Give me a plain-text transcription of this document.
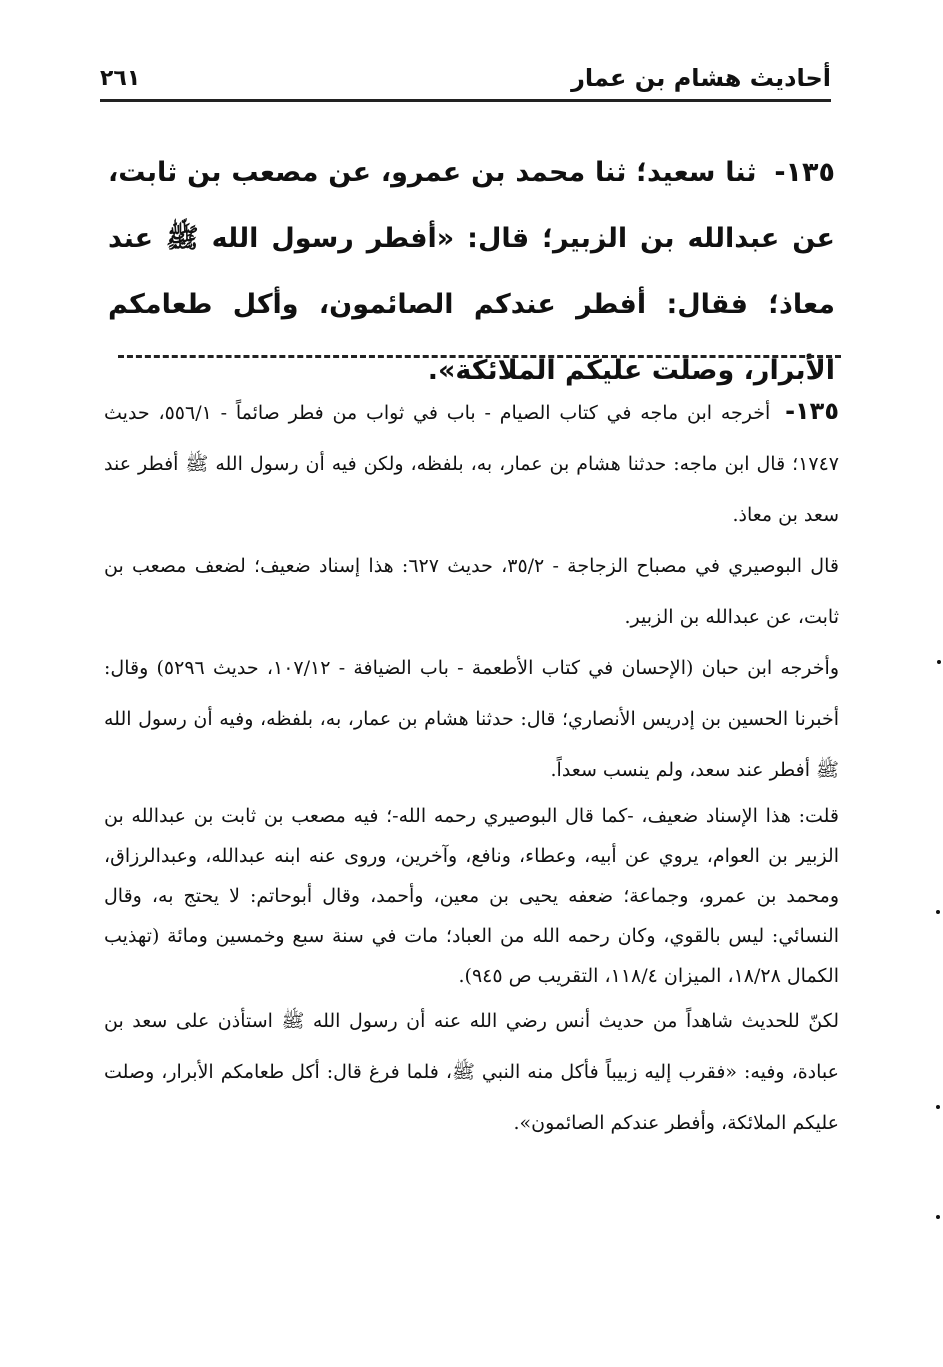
أحاديث هشام بن عمار
٢٦١
١٣٥- ثنا سعيد؛ ثنا محمد بن عمرو، عن مصعب بن ثابت، عن عبدالله بن الزبير؛ قال: «أفطر رسول الله ﷺ عند معاذ؛ فقال: أفطر عندكم الصائمون، وأكل طعامكم الأبرار، وصلت عليكم الملائكة».

١٣٥- أخرجه ابن ماجه في كتاب الصيام - باب في ثواب من فطر صائماً - ٥٥٦/١، حديث ١٧٤٧؛ قال ابن ماجه: حدثنا هشام بن عمار، به، بلفظه، ولكن فيه أن رسول الله ﷺ أفطر عند سعد بن معاذ.

قال البوصيري في مصباح الزجاجة - ٣٥/٢، حديث ٦٢٧: هذا إسناد ضعيف؛ لضعف مصعب بن ثابت، عن عبدالله بن الزبير.

وأخرجه ابن حبان (الإحسان في كتاب الأطعمة - باب الضيافة - ١٠٧/١٢، حديث ٥٢٩٦) وقال: أخبرنا الحسين بن إدريس الأنصاري؛ قال: حدثنا هشام بن عمار، به، بلفظه، وفيه أن رسول الله ﷺ أفطر عند سعد، ولم ينسب سعداً.

قلت: هذا الإسناد ضعيف، -كما قال البوصيري رحمه الله-؛ فيه مصعب بن ثابت بن عبدالله بن الزبير بن العوام، يروي عن أبيه، وعطاء، ونافع، وآخرين، وروى عنه ابنه عبدالله، وعبدالرزاق، ومحمد بن عمرو، وجماعة؛ ضعفه يحيى بن معين، وأحمد، وقال أبوحاتم: لا يحتج به، وقال النسائي: ليس بالقوي، وكان رحمه الله من العباد؛ مات في سنة سبع وخمسين ومائة (تهذيب الكمال ١٨/٢٨، الميزان ١١٨/٤، التقريب ص ٩٤٥).

لكنّ للحديث شاهداً من حديث أنس رضي الله عنه أن رسول الله ﷺ استأذن على سعد بن عبادة، وفيه: «فقرب إليه زبيباً فأكل منه النبي ﷺ، فلما فرغ قال: أكل طعامكم الأبرار، وصلت عليكم الملائكة، وأفطر عندكم الصائمون».
